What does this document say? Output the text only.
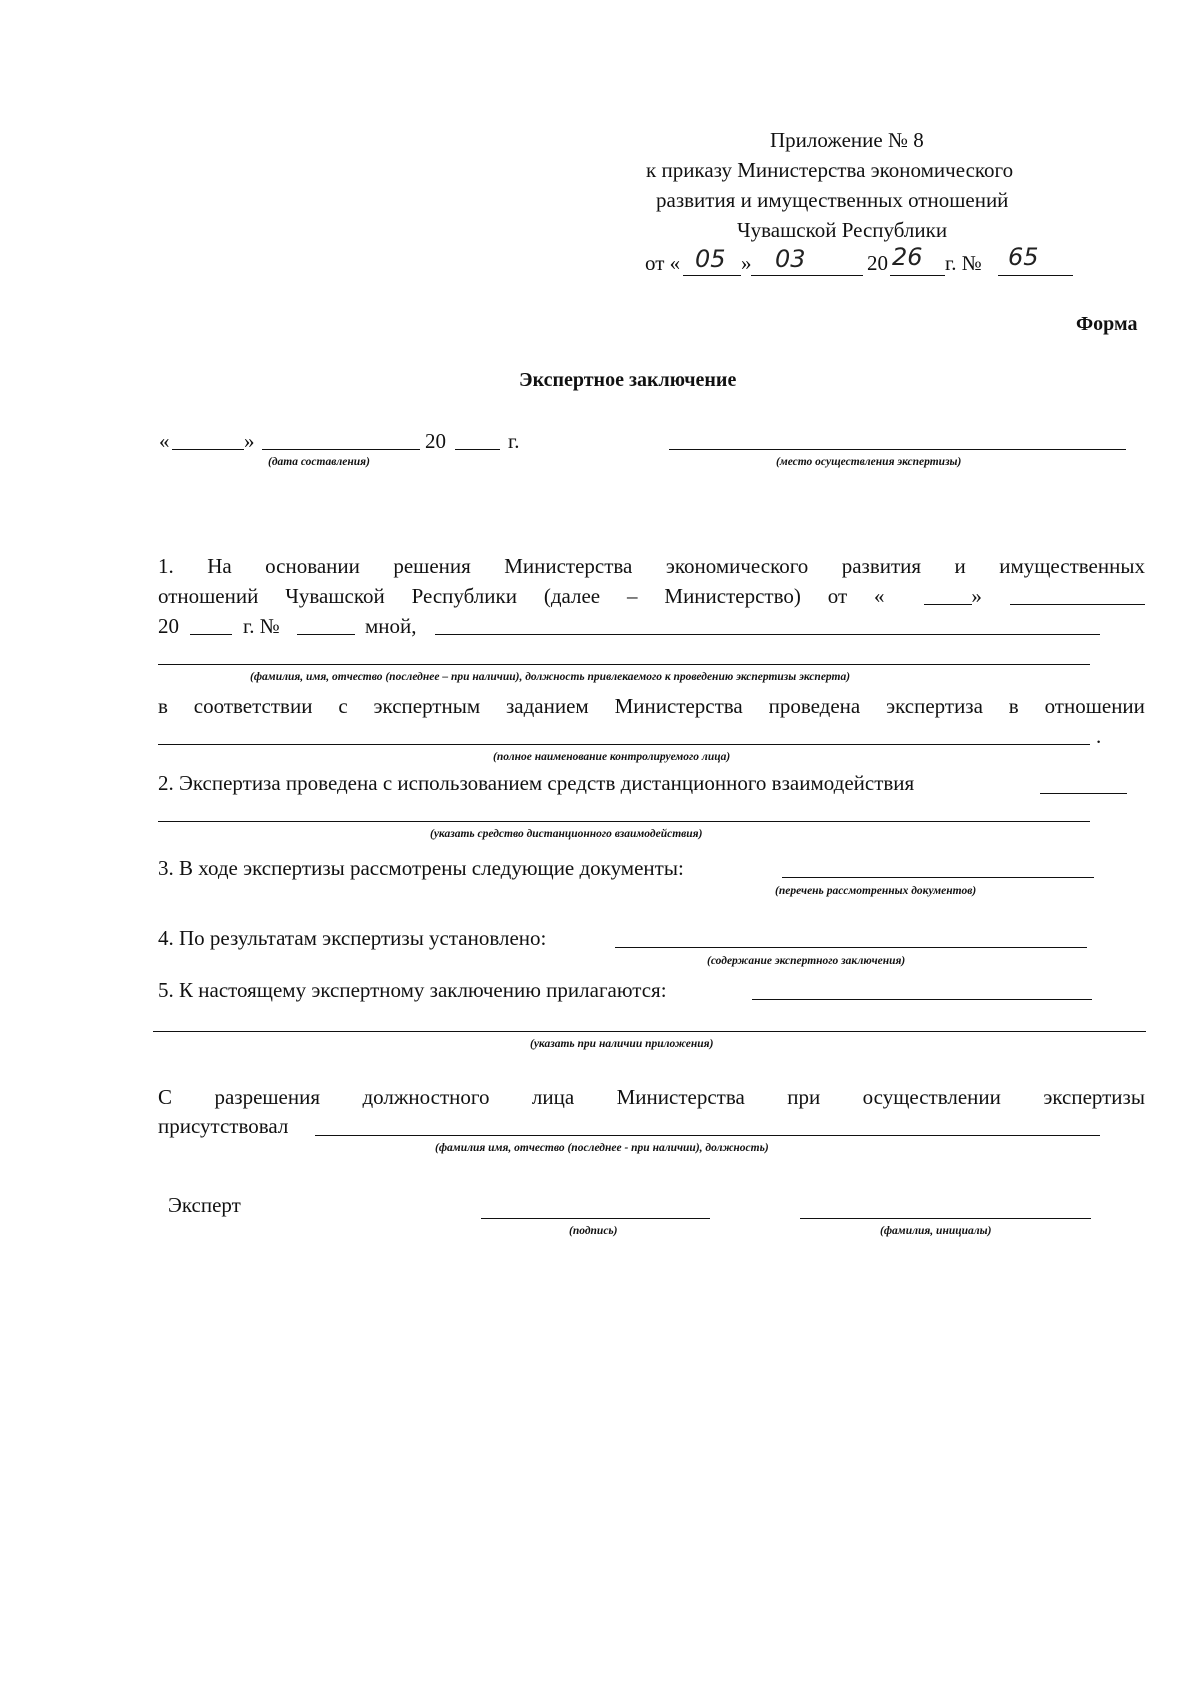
Приложение № 8
к приказу Министерства экономического
развития и имущественных отношений
Чувашской Республики
от « 05 » 03	20 26 г. № 65
Форма
Экспертное заключение
«	»	20	г.
(дата составления)	(место осуществления экспертизы)
1. На основании решения Министерства экономического развития и имущественных
отношений Чувашской Республики (далее – Министерство) от «	»
20	г. №	мной,
(фамилия, имя, отчество (последнее – при наличии), должность привлекаемого к проведению экспертизы эксперта)
в соответствии с экспертным заданием Министерства проведена экспертиза в отношении
.
(полное наименование контролируемого лица)
2. Экспертиза проведена с использованием средств дистанционного взаимодействия
(указать средство дистанционного взаимодействия)
3. В ходе экспертизы рассмотрены следующие документы:
(перечень рассмотренных документов)
4. По результатам экспертизы установлено:
(содержание экспертного заключения)
5. К настоящему экспертному заключению прилагаются:
(указать при наличии приложения)
С разрешения должностного лица Министерства при осуществлении экспертизы
присутствовал
(фамилия имя, отчество (последнее - при наличии), должность)
Эксперт
(подпись)	(фамилия, инициалы)
